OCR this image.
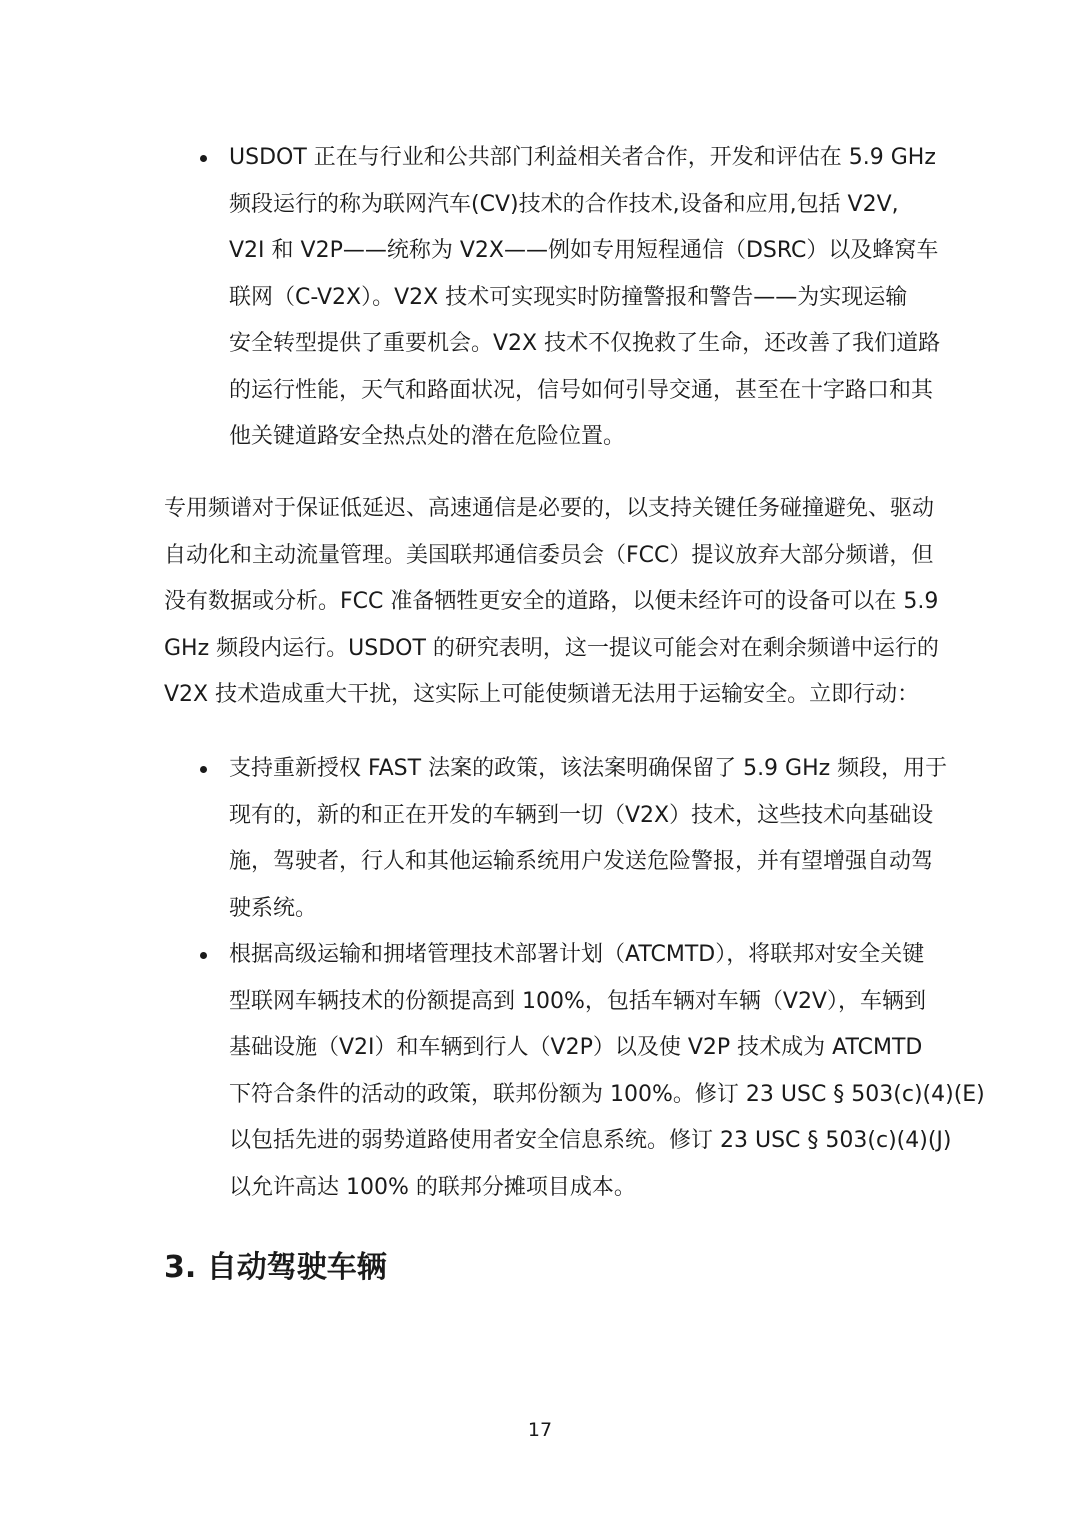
USDOT 正在与行业和公共部门利益相关者合作，开发和评估在 5.9 GHz
频段运行的称为联网汽车(CV)技术的合作技术,设备和应用,包括 V2V,
V2I 和 V2P——统称为 V2X——例如专用短程通信（DSRC）以及蜂窝车
联网（C-V2X）。V2X 技术可实现实时防撞警报和警告——为实现运输
安全转型提供了重要机会。V2X 技术不仅挽救了生命，还改善了我们道路
的运行性能，天气和路面状况，信号如何引导交通，甚至在十字路口和其
他关键道路安全热点处的潜在危险位置。
专用频谱对于保证低延迟、高速通信是必要的，以支持关键任务碰撞避免、驱动
自动化和主动流量管理。美国联邦通信委员会（FCC）提议放弃大部分频谱，但
没有数据或分析。FCC 准备牺牲更安全的道路，以便未经许可的设备可以在 5.9
GHz 频段内运行。USDOT 的研究表明，这一提议可能会对在剩余频谱中运行的
V2X 技术造成重大干扰，这实际上可能使频谱无法用于运输安全。立即行动：
支持重新授权 FAST 法案的政策，该法案明确保留了 5.9 GHz 频段，用于
现有的，新的和正在开发的车辆到一切（V2X）技术，这些技术向基础设
施，驾驶者，行人和其他运输系统用户发送危险警报，并有望增强自动驾
驶系统。
根据高级运输和拥堵管理技术部署计划（ATCMTD），将联邦对安全关键
型联网车辆技术的份额提高到 100%，包括车辆对车辆（V2V），车辆到
基础设施（V2I）和车辆到行人（V2P）以及使 V2P 技术成为 ATCMTD
下符合条件的活动的政策，联邦份额为 100%。修订 23 USC § 503(c)(4)(E)
以包括先进的弱势道路使用者安全信息系统。修订 23 USC § 503(c)(4)(J)
以允许高达 100% 的联邦分摊项目成本。
3. 自动驾驶车辆
17
